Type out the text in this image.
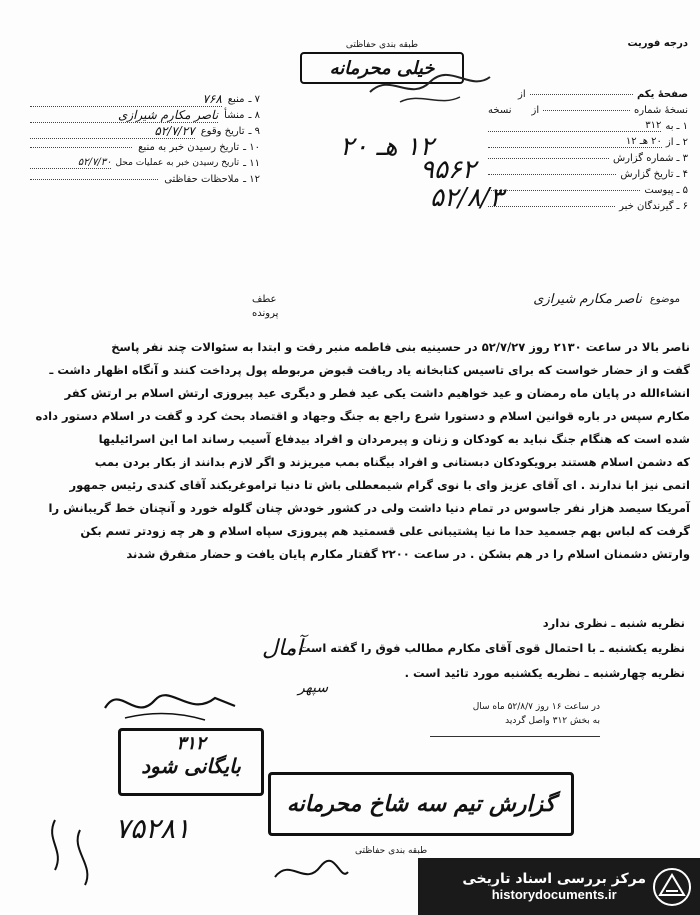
درجه فوریت
طبقه بندی حفاظتی
خیلی محرمانه
۷ ـ
منبع
۷۶۸
۸ ـ
منشأ
ناصر مکارم شیرازی
۹ ـ
تاریخ وقوع
۵۲/۷/۲۷
۱۰ ـ
تاریخ رسیدن خبر به منبع
۱۱ ـ
تاریخ رسیدن خبر به عملیات محل
۵۲/۷/۳۰
۱۲ ـ
ملاحظات حفاظتی
صفحهٔ یکم
از
نسخهٔ شماره
از
نسخه
۱ ـ
به
۳۱۲
۲ ـ
از
۲۰ هـ ۱۲
۳ ـ
شماره گزارش
۴ ـ
تاریخ گزارش
۵ ـ
پیوست
۶ ـ
گیرندگان خبر
۱۲ هـ ۲۰
۹۵۶۲
۵۲/۸/۳
عطف
پرونده
موضوع
ناصر مکارم شیرازی
ناصر بالا در ساعت ۲۱۳۰ روز ۵۲/۷/۲۷ در حسینیه بنی فاطمه منبر رفت و ابتدا به سئوالات چند نفر پاسخ
گفت و از حضار خواست که برای تاسیس کتابخانه یاد ریافت قبوض مربوطه پول پرداخت کنند و آنگاه اظهار داشت ـ
انشاءالله در پایان ماه رمضان و عید خواهیم داشت یکی عید فطر و دیگری عید پیروزی ارتش اسلام بر ارتش کفر
مکارم سپس در باره قوانین اسلام و دستورا شرع راجع به جنگ وجهاد و اقتصاد بحث کرد و گفت در اسلام دستور داده
شده است که هنگام جنگ نباید به کودکان و زنان و پیرمردان و افراد بیدفاع آسیب رساند اما این اسرائیلیها
که دشمن اسلام هستند برویکودکان دبستانی و افراد بیگناه بمب میریزند و اگر لازم بدانند از بکار بردن بمب
اتمی نیز ابا ندارند . ای آقای عزیز وای با نوی گرام شیمعطلی باش تا دنیا تراموغریکند آقای کندی رئیس جمهور
آمریکا سیصد هزار نفر جاسوس در تمام دنیا داشت ولی در کشور خودش چنان گلوله خورد و آنچنان خط گریبانش را
گرفت که لباس بهم جسمید حدا ما نیا پشتیبانی علی قسمتید هم پیروزی سپاه اسلام و هر چه زودتر تسم بکن
وارتش دشمنان اسلام را در هم بشکن . در ساعت ۲۲۰۰ گفتار مکارم پایان یافت و حضار متفرق شدند
نظریه شنبه ـ نظری ندارد
نظریه یکشنبه ـ با احتمال قوی آقای مکارم مطالب فوق را گفته است .
نظریه چهارشنبه ـ نظریه یکشنبه مورد تائید است .
آمال
سپهر
در ساعت ۱۶ روز ۵۲/۸/۷ ماه سال
به بخش ۳۱۲ واصل گردید
۳۱۲
بایگانی شود
۷۵۲۸۱
گزارش تیم سه شاخ محرمانه
طبقه بندی حفاظتی
مرکز بررسی اسناد تاریخی
historydocuments.ir
